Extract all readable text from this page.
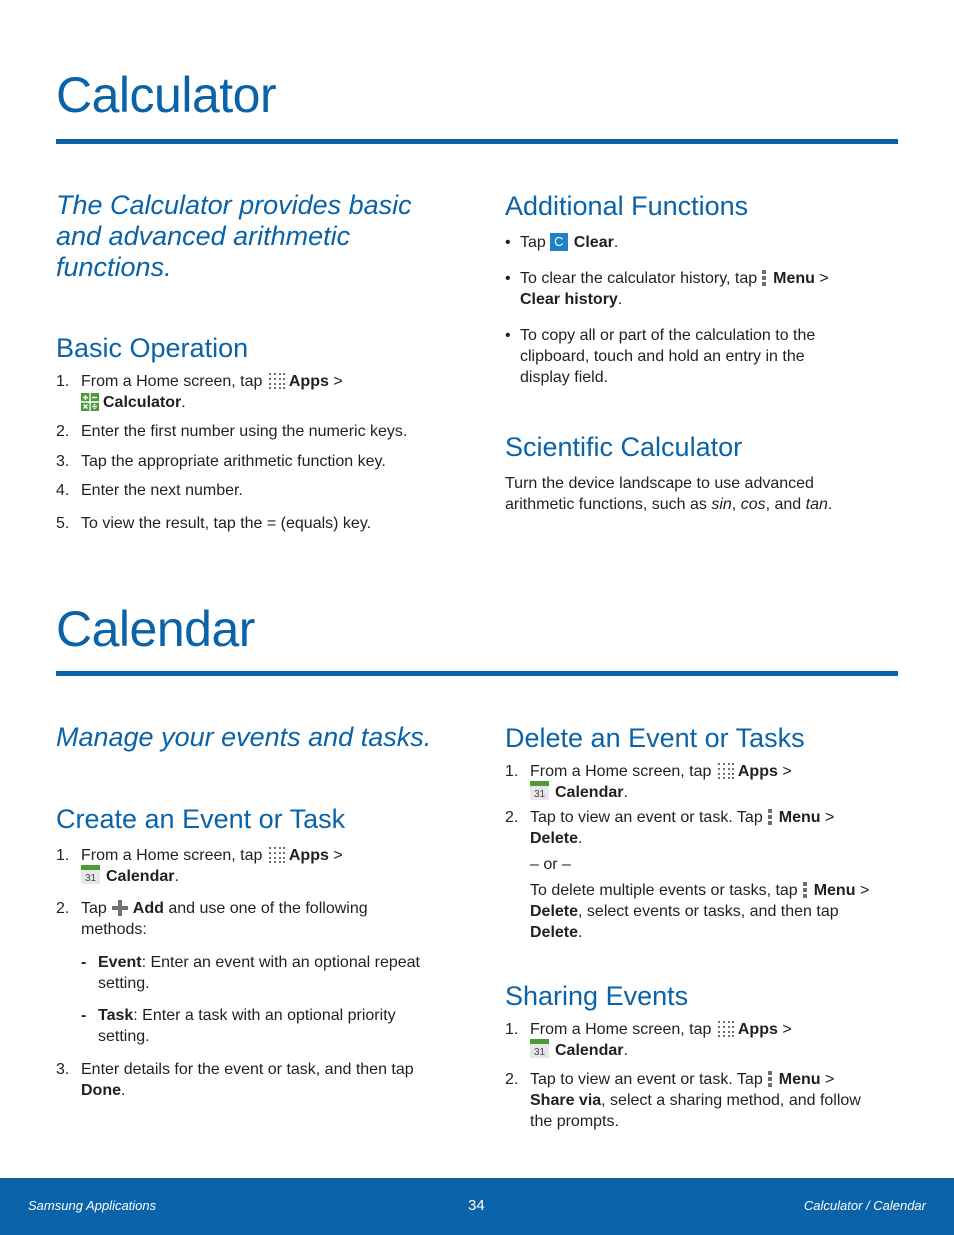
Calculator
The Calculator provides basic and advanced arithmetic functions.
Basic Operation
1. From a Home screen, tap Apps >
Calculator.
2. Enter the first number using the numeric keys.
3. Tap the appropriate arithmetic function key.
4. Enter the next number.
5. To view the result, tap the = (equals) key.
Additional Functions
• Tap C Clear.
• To clear the calculator history, tap Menu >
Clear history.
• To copy all or part of the calculation to the clipboard, touch and hold an entry in the display field.
Scientific Calculator
Turn the device landscape to use advanced arithmetic functions, such as sin, cos, and tan.
Calendar
Manage your events and tasks.
Create an Event or Task
1. From a Home screen, tap Apps >

31 Calendar.
2. Tap Add and use one of the following methods:
- Event: Enter an event with an optional repeat setting.
- Task: Enter a task with an optional priority setting.
3. Enter details for the event or task, and then tap Done.
Delete an Event or Tasks
1. From a Home screen, tap Apps >

31 Calendar.
2. Tap to view an event or task. Tap Menu >
Delete.
– or –
To delete multiple events or tasks, tap Menu > Delete, select events or tasks, and then tap Delete.
Sharing Events
1. From a Home screen, tap Apps >

31 Calendar.
2. Tap to view an event or task. Tap Menu >
Share via, select a sharing method, and follow the prompts.
Samsung Applications	34	Calculator / Calendar
